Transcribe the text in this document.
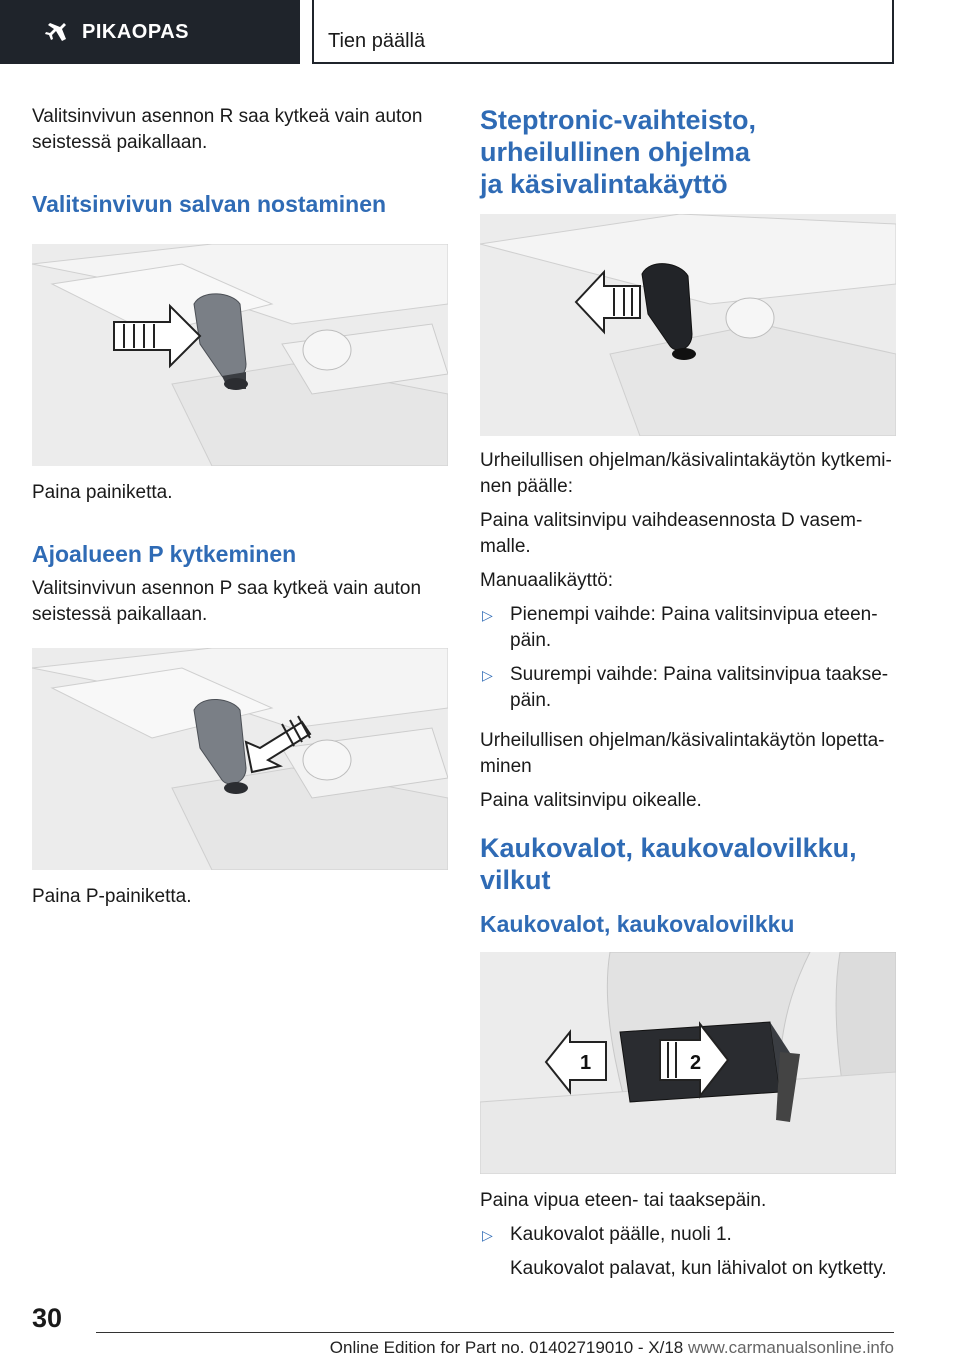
PIKAOPAS	Tien päällä

Valitsinvivun asennon R saa kytkeä vain auton seistessä paikallaan.

Valitsinvivun salvan nostaminen

Paina painiketta.

Ajoalueen P kytkeminen

Valitsinvivun asennon P saa kytkeä vain auton seistessä paikallaan.

Paina P-painiketta.

Steptronic-vaihteisto, urheilullinen ohjelma ja käsivalintakäyttö

Urheilullisen ohjelman/käsivalintakäytön kytkemi-nen päälle:

Paina valitsinvipu vaihdeasennosta D vasem-malle.

Manuaalikäyttö:

▷ Pienempi vaihde: Paina valitsinvipua eteen-päin.

▷ Suurempi vaihde: Paina valitsinvipua taakse-päin.

Urheilullisen ohjelman/käsivalintakäytön lopetta-minen

Paina valitsinvipu oikealle.

Kaukovalot, kaukovalovilkku, vilkut
Kaukovalot, kaukovalovilkku
1	2

Paina vipua eteen- tai taaksepäin.

▷ Kaukovalot päälle, nuoli 1.

Kaukovalot palavat, kun lähivalot on kytketty.

30
Online Edition for Part no. 01402719010 - X/18 www.carmanualsonline.info
